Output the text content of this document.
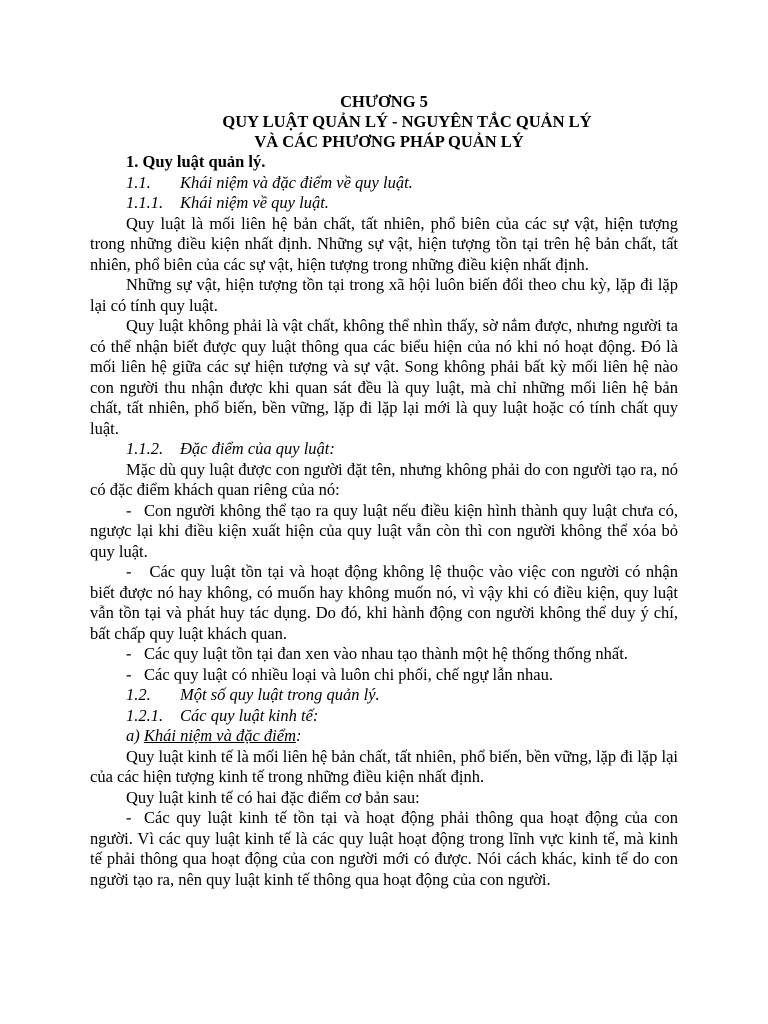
CHƯƠNG 5

QUY LUẬT QUẢN LÝ - NGUYÊN TẮC QUẢN LÝ

VÀ CÁC PHƯƠNG PHÁP QUẢN LÝ

1. Quy luật quản lý.

1.1. Khái niệm và đặc điểm về quy luật.

1.1.1. Khái niệm về quy luật.

Quy luật là mối liên hệ bản chất, tất nhiên, phổ biên của các sự vật, hiện tượng trong những điều kiện nhất định. Những sự vật, hiện tượng tồn tại trên hệ bản chất, tất nhiên, phổ biên của các sự vật, hiện tượng trong những điều kiện nhất định.

Những sự vật, hiện tượng tồn tại trong xã hội luôn biến đổi theo chu kỳ, lặp đi lặp lại có tính quy luật.

Quy luật không phải là vật chất, không thể nhìn thấy, sờ nắm được, nhưng người ta có thể nhận biết được quy luật thông qua các biểu hiện của nó khi nó hoạt động. Đó là mối liên hệ giữa các sự hiện tượng và sự vật. Song không phải bất kỳ mối liên hệ nào con người thu nhận được khi quan sát đều là quy luật, mà chỉ những mối liên hệ bản chất, tất nhiên, phổ biến, bền vững, lặp đi lặp lại mới là quy luật hoặc có tính chất quy luật.

1.1.2. Đặc điểm của quy luật:

Mặc dù quy luật được con người đặt tên, nhưng không phải do con người tạo ra, nó có đặc điểm khách quan riêng của nó:

- Con người không thể tạo ra quy luật nếu điều kiện hình thành quy luật chưa có, ngược lại khi điều kiện xuất hiện của quy luật vẫn còn thì con người không thể xóa bỏ quy luật.

- Các quy luật tồn tại và hoạt động không lệ thuộc vào việc con người có nhận biết được nó hay không, có muốn hay không muốn nó, vì vậy khi có điều kiện, quy luật vẫn tồn tại và phát huy tác dụng. Do đó, khi hành động con người không thể duy ý chí, bất chấp quy luật khách quan.

- Các quy luật tồn tại đan xen vào nhau tạo thành một hệ thống thống nhất.

- Các quy luật có nhiều loại và luôn chi phối, chế ngự lẫn nhau.

1.2. Một số quy luật trong quản lý.

1.2.1. Các quy luật kinh tế:

a) Khái niệm và đặc điểm:

Quy luật kinh tế là mối liên hệ bản chất, tất nhiên, phổ biến, bền vững, lặp đi lặp lại của các hiện tượng kinh tế trong những điều kiện nhất định.

Quy luật kinh tế có hai đặc điểm cơ bản sau:

- Các quy luật kinh tế tồn tại và hoạt động phải thông qua hoạt động của con người. Vì các quy luật kinh tế là các quy luật hoạt động trong lĩnh vực kinh tế, mà kinh tế phải thông qua hoạt động của con người mới có được. Nói cách khác, kinh tế do con người tạo ra, nên quy luật kinh tế thông qua hoạt động của con người.
